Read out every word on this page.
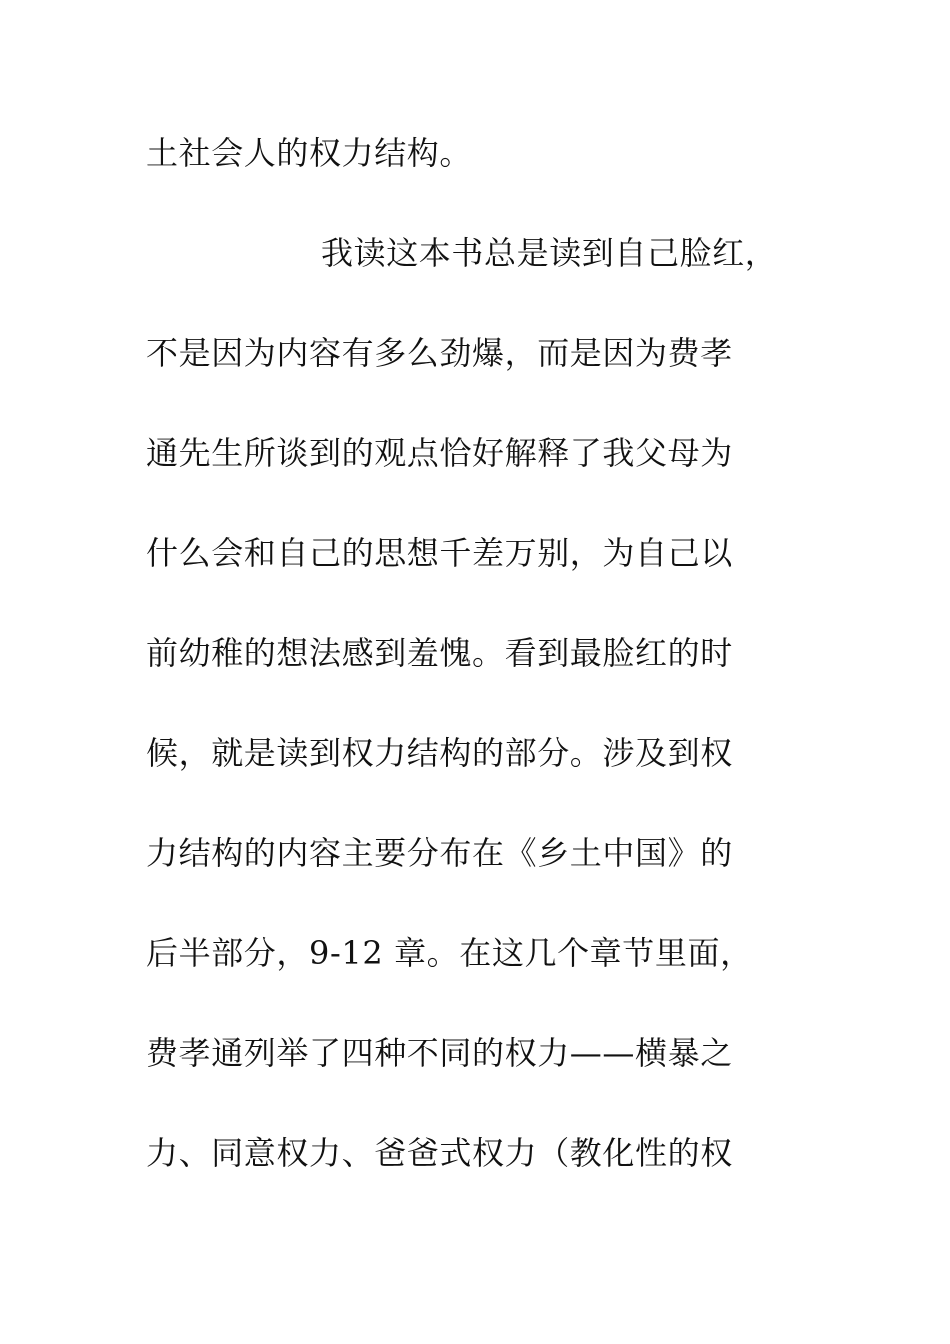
土社会人的权力结构。
我读这本书总是读到自己脸红，
不是因为内容有多么劲爆，而是因为费孝
通先生所谈到的观点恰好解释了我父母为
什么会和自己的思想千差万别，为自己以
前幼稚的想法感到羞愧。看到最脸红的时
候，就是读到权力结构的部分。涉及到权
力结构的内容主要分布在《乡土中国》的
后半部分，9-12 章。在这几个章节里面，
费孝通列举了四种不同的权力——横暴之
力、同意权力、爸爸式权力（教化性的权
